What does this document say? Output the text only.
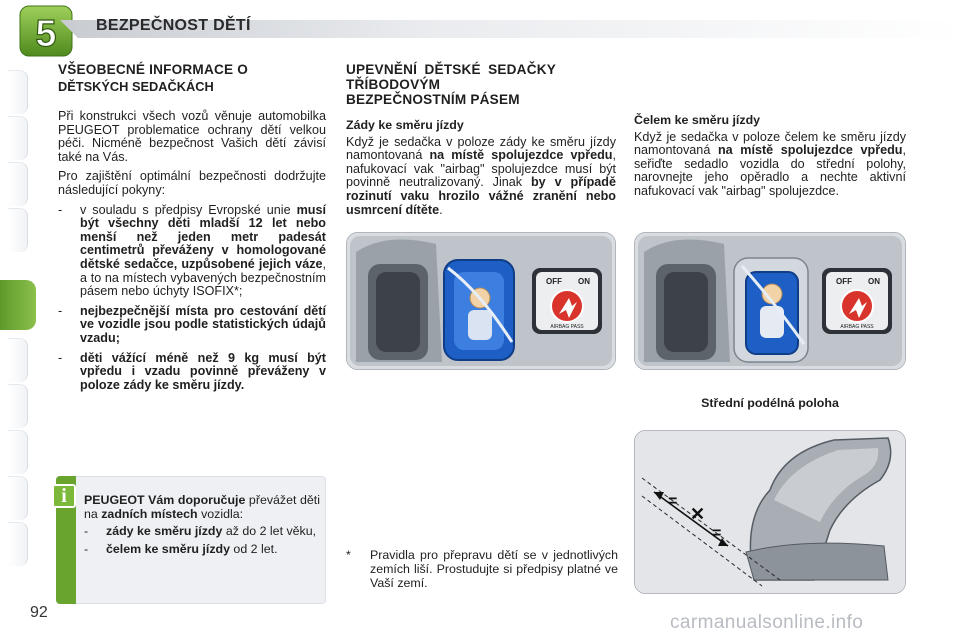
5 BEZPEČNOST DĚTÍ
VŠEOBECNÉ INFORMACE O
DĚTSKÝCH SEDAČKÁCH

Při konstrukci všech vozů věnuje automobilka PEUGEOT problematice ochrany dětí velkou péči. Nicméně bezpečnost Vašich dětí závisí také na Vás.

Pro zajištění optimální bezpečnosti dodržujte následující pokyny:

-	v souladu s předpisy Evropské unie musí být všechny děti mladší 12 let nebo menší než jeden metr padesát centimetrů převáženy v homologované dětské sedačce, uzpůsobené jejich váze, a to na místech vybavených bezpečnostním pásem nebo úchyty ISOFIX*;
-	nejbezpečnější místa pro cestování dětí ve vozidle jsou podle statistických údajů vzadu;
-	děti vážící méně než 9 kg musí být vpředu i vzadu povinně převáženy v poloze zády ke směru jízdy.
i	PEUGEOT Vám doporučuje převážet děti na zadních místech vozidla:

-	zády ke směru jízdy až do 2 let věku,
-	čelem ke směru jízdy od 2 let.
UPEVNĚNÍ DĚTSKÉ SEDAČKY TŘÍBODOVÝM BEZPEČNOSTNÍM PÁSEM
Zády ke směru jízdy

Když je sedačka v poloze zády ke směru jízdy namontovaná na místě spolujezdce vpředu, nafukovací vak "airbag" spolujezdce musí být povinně neutralizovaný. Jinak by v případě rozinutí vaku hrozilo vážné zranění nebo usmrcení dítěte.

Čelem ke směru jízdy

Když je sedačka v poloze čelem ke směru jízdy namontovaná na místě spolujezdce vpředu, seřiďte sedadlo vozidla do střední polohy, narovnejte jeho opěradlo a nechte aktivní nafukovací vak "airbag" spolujezdce.

OFF ON
AIRBAG PASS
OFF ON
AIRBAG PASS
Střední podélná poloha
=
✕
=
*	Pravidla pro přepravu dětí se v jednotlivých zemích liší. Prostudujte si předpisy platné ve Vaší zemí.
92	carmanualsonline.info
